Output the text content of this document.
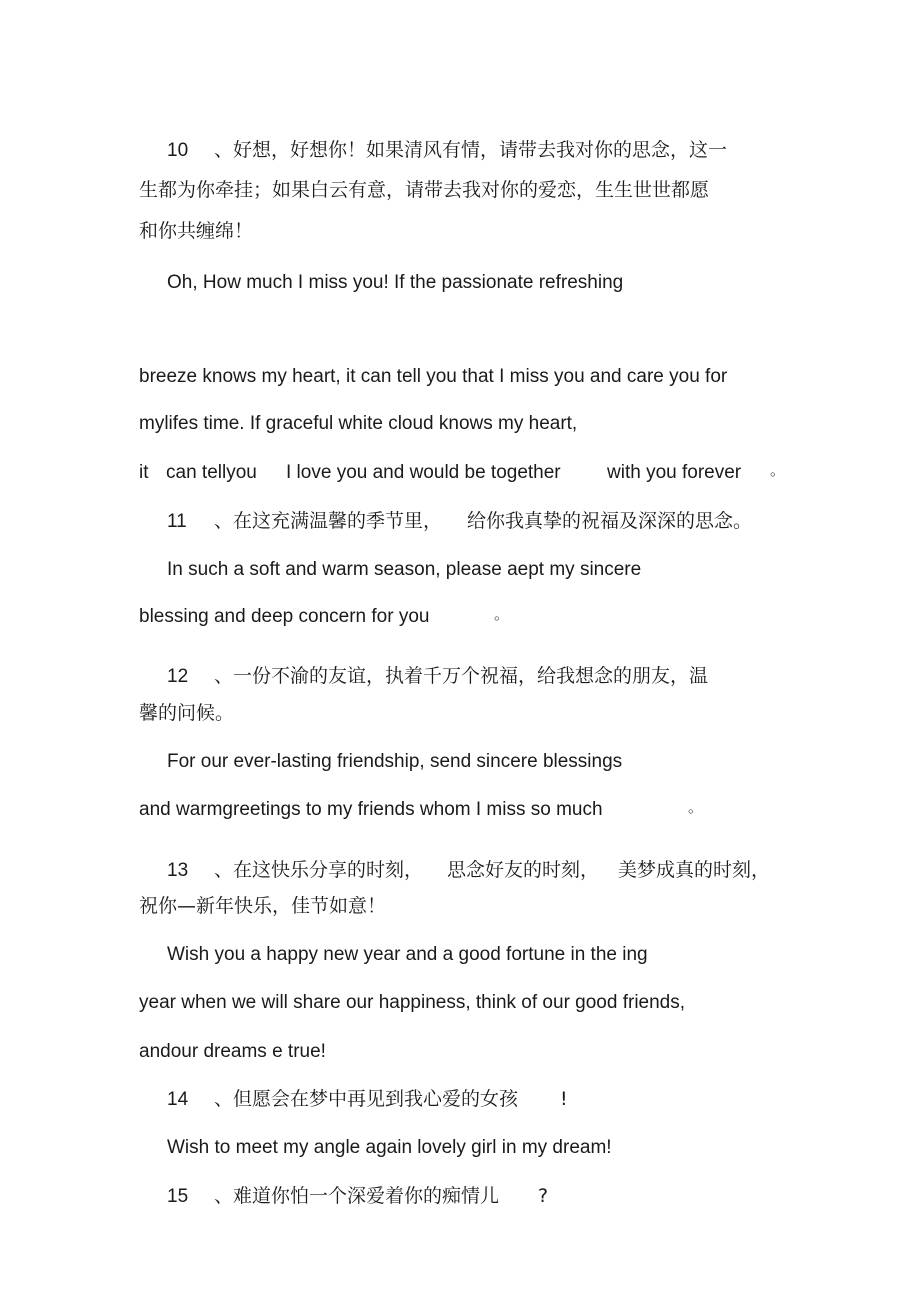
10 、好想，好想你！如果清风有情，请带去我对你的思念，这一
生都为你牵挂；如果白云有意，请带去我对你的爱恋，生生世世都愿
和你共缠绵！
Oh, How much I miss you! If the passionate refreshing
breeze knows my heart, it can tell you that I miss you and care you for
mylifes time. If graceful white cloud knows my heart,
it can tellyou I love you and would be together with you forever 。
11 、在这充满温馨的季节里， 给你我真挚的祝福及深深的思念。
In such a soft and warm season, please aept my sincere
blessing and deep concern for you	。
12 、一份不渝的友谊，执着千万个祝福，给我想念的朋友，温
馨的问候。
For our ever-lasting friendship, send sincere blessings
and warmgreetings to my friends whom I miss so much	。
13 、在这快乐分享的时刻， 思念好友的时刻， 美梦成真的时刻，
祝你—新年快乐，佳节如意！
Wish you a happy new year and a good fortune in the ing
year when we will share our happiness, think of our good friends,
andour dreams e true!
14 、但愿会在梦中再见到我心爱的女孩 !
Wish to meet my angle again lovely girl in my dream!
15 、难道你怕一个深爱着你的痴情儿 ?
